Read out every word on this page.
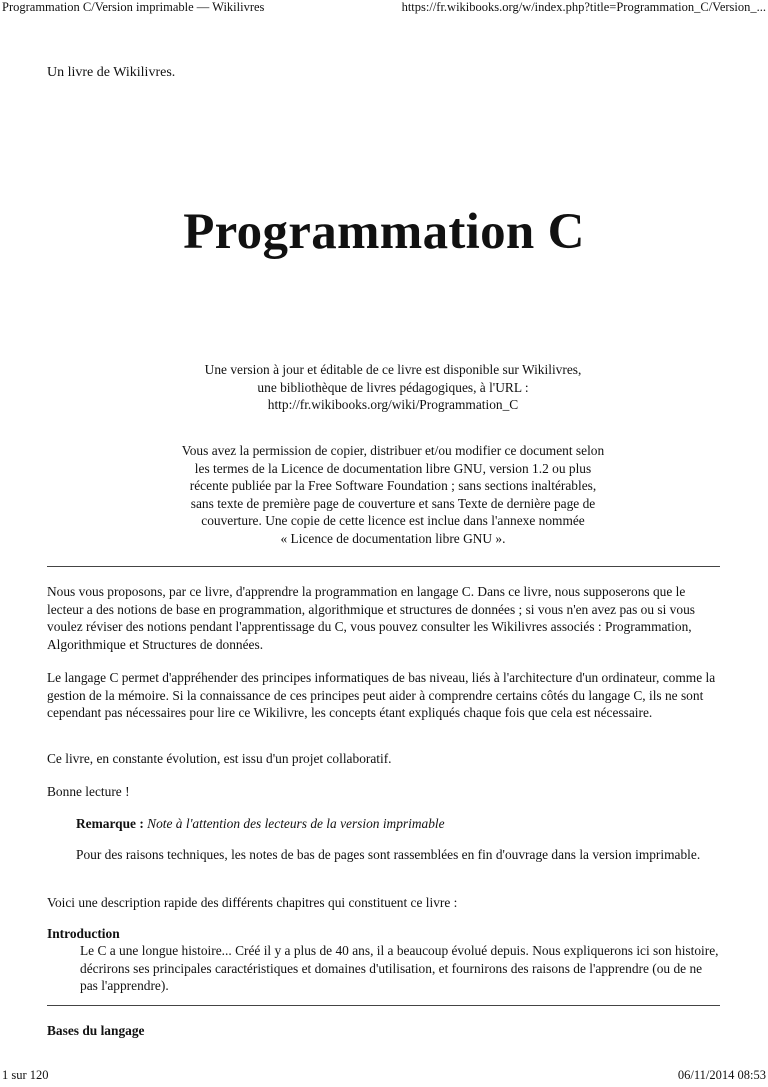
Programmation C/Version imprimable — Wikilivres	https://fr.wikibooks.org/w/index.php?title=Programmation_C/Version_...
Un livre de Wikilivres.
Programmation C
Une version à jour et éditable de ce livre est disponible sur Wikilivres,
une bibliothèque de livres pédagogiques, à l'URL :
http://fr.wikibooks.org/wiki/Programmation_C
Vous avez la permission de copier, distribuer et/ou modifier ce document selon
les termes de la Licence de documentation libre GNU, version 1.2 ou plus
récente publiée par la Free Software Foundation ; sans sections inaltérables,
sans texte de première page de couverture et sans Texte de dernière page de
couverture. Une copie de cette licence est inclue dans l'annexe nommée
« Licence de documentation libre GNU ».
Nous vous proposons, par ce livre, d'apprendre la programmation en langage C. Dans ce livre, nous supposerons que le lecteur a des notions de base en programmation, algorithmique et structures de données ; si vous n'en avez pas ou si vous voulez réviser des notions pendant l'apprentissage du C, vous pouvez consulter les Wikilivres associés : Programmation, Algorithmique et Structures de données.
Le langage C permet d'appréhender des principes informatiques de bas niveau, liés à l'architecture d'un ordinateur, comme la gestion de la mémoire. Si la connaissance de ces principes peut aider à comprendre certains côtés du langage C, ils ne sont cependant pas nécessaires pour lire ce Wikilivre, les concepts étant expliqués chaque fois que cela est nécessaire.
Ce livre, en constante évolution, est issu d'un projet collaboratif.
Bonne lecture !
Remarque : Note à l'attention des lecteurs de la version imprimable
Pour des raisons techniques, les notes de bas de pages sont rassemblées en fin d'ouvrage dans la version imprimable.
Voici une description rapide des différents chapitres qui constituent ce livre :
Introduction
Le C a une longue histoire... Créé il y a plus de 40 ans, il a beaucoup évolué depuis. Nous expliquerons ici son histoire, décrirons ses principales caractéristiques et domaines d'utilisation, et fournirons des raisons de l'apprendre (ou de ne pas l'apprendre).
Bases du langage
1 sur 120	06/11/2014 08:53
